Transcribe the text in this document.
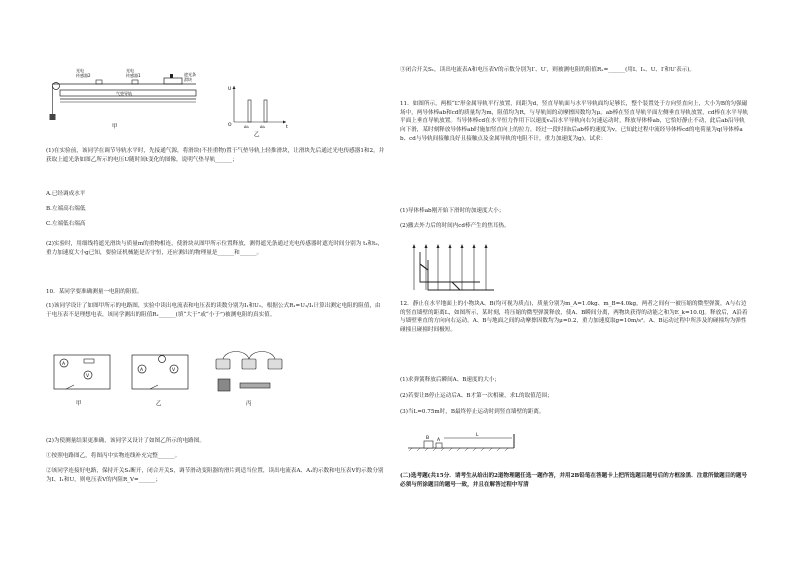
光电传感器2
光电传感器1	遮光条滑块
气垫导轨
甲
U
O	Δt₁	Δt₂	t
乙
(1)在实验前，该同学在调节导轨水平时，先接通气源，将滑块(不挂重物)置于气垫导轨上轻推滑块，让滑块先后通过光电传感器1和2，并获取上遮光条如图乙所示的电压U随时间t变化的图像，说明气垫导轨______；
A.已经调成水平
B.左端高右端低
C.左端低右端高
(2)实验时，用细线将遮光滑块与质量m的重物相连，使滑块从图甲所示位置释放，测得遮光条通过光电传感器时遮光时间分别为 t₁和t₂，重力加速度大小g已知，要验证机械能是否守恒，还应测出的物理量是______和______。
10．某同学要准确测量一电阻的阻值。
(1)该同学设计了如图甲所示的电路图，实验中读出电流表和电压表的读数分别为I₁和U₁，根据公式R₁=U₁/I₁计算出测定电阻的阻值，由于电压表不是理想电表，该同学测出的阻值Rₓ______(填“大于”或“小于”)被测电阻的真实值。
A
V
甲
A	V
乙	丙
(2)为使测量结果更准确，该同学又设计了如图乙所示的电路图。
①按照电路图乙，将图丙中实物连线补充完整______。
②该同学连接好电路，保持开关S₁断开，闭合开关S，调节滑动变阻器的滑片到适当位置，读出电流表A、A₁的示数和电压表V的示数分别为I、I₁和U，则电压表V的内阻R_V=______；
③闭合开关S₁，读出电流表A和电压表V的示数分别为I′、U′，则被测电阻的阻值Rₓ=______(用I、I₁、U、I′和U′表示)。
11．如图所示，两根“L”形金属导轨平行放置，间距为d，竖直导轨面与水平导轨面均足够长，整个装置处于方向竖直向上，大小为B的匀强磁场中。两导体棒ab和cd的质量均为m，阻值均为R，与导轨间的动摩擦因数均为μ。ab棒在竖直导轨平面左侧垂直导轨放置，cd棒在水平导轨平面上垂直导轨放置。当导体棒cd在水平恒力作用下以速度v₀沿水平导轨向右匀速运动时，释放导体棒ab，它恰好静止不动，此后ab沿导轨向下滑，某时刻释放导体棒ab时施加竖直向上的拉力，经过一段时间t后ab棒的速度为v，已知此过程中流经导体棒cd的电荷量为q(导体棒ab、cd与导轨间接触良好且接触点及金属导轨的电阻不计，重力加速度为g)。试求：
(1)导体棒ab刚开始下滑时的加速度大小；
(2)撤去外力后的时间内cd棒产生的焦耳热。
12．静止在水平地面上的小物块A、B(均可视为质点)，质量分别为m_A=1.0kg、m_B=4.0kg，两者之间有一被压缩的微型弹簧，A与右边的竖直墙壁的距离L，如图所示，某时刻，将压缩的微型弹簧释放，使A、B瞬间分离，两物块获得的动能之和为E_k=10.0J。释放后，A沿着与墙壁垂直的方向向右运动。A、B与地面之间的动摩擦因数均为μ=0.2，重力加速度取g=10m/s²。A、B运动过程中所涉及的碰撞均为弹性碰撞且碰撞时间极短。
(1)求弹簧释放后瞬间A、B速度的大小；
(2)若要让B停止运动后A、B才第一次相碰，求L的取值范围；
(3)当L=0.75m时，B最终停止运动时到竖直墙壁的距离。
B A
L
(二)选考题(共15分．请考生从给出的2道物理题任选一题作答，并用2B铅笔在答题卡上把所选题目题号后的方框涂黑．注意所做题目的题号必须与所涂题目的题号一致，并且在解答过程中写清
